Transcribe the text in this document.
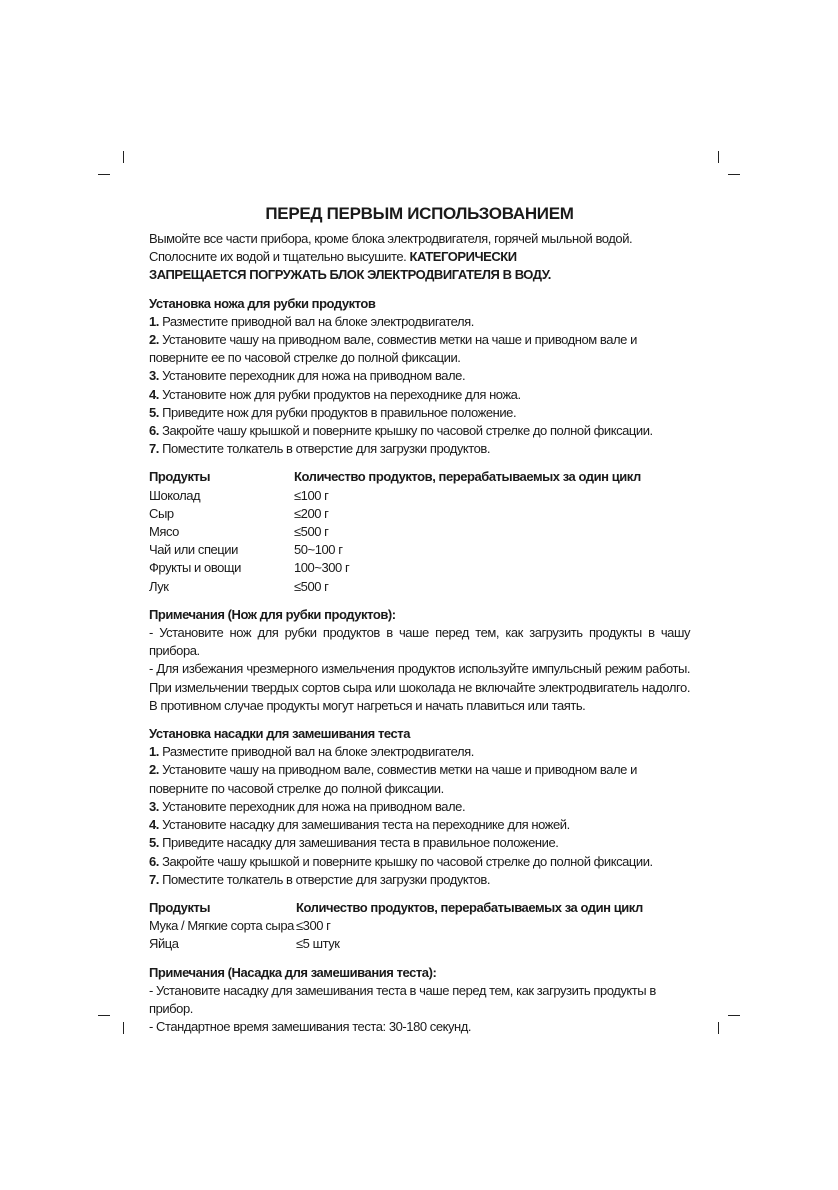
ПЕРЕД ПЕРВЫМ ИСПОЛЬЗОВАНИЕМ

Вымойте все части прибора, кроме блока электродвигателя, горячей мыльной водой. Сполосните их водой и тщательно высушите. КАТЕГОРИЧЕСКИ

ЗАПРЕЩАЕТСЯ ПОГРУЖАТЬ БЛОК ЭЛЕКТРОДВИГАТЕЛЯ В ВОДУ.

Установка ножа для рубки продуктов

1. Разместите приводной вал на блоке электродвигателя.

2. Установите чашу на приводном вале, совместив метки на чаше и приводном вале и поверните ее по часовой стрелке до полной фиксации.

3. Установите переходник для ножа на приводном вале.

4. Установите нож для рубки продуктов на переходнике для ножа.

5. Приведите нож для рубки продуктов в правильное положение.

6. Закройте чашу крышкой и поверните крышку по часовой стрелке до полной фиксации.

7. Поместите толкатель в отверстие для загрузки продуктов.

Продукты	Количество продуктов, перерабатываемых за один цикл
Шоколад	≤100 г
Сыр	≤200 г
Мясо	≤500 г
Чай или специи	50~100 г
Фрукты и овощи	100~300 г
Лук	≤500 г

Примечания (Нож для рубки продуктов):

- Установите нож для рубки продуктов в чаше перед тем, как загрузить продукты в чашу прибора.

- Для избежания чрезмерного измельчения продуктов используйте импульсный режим работы. При измельчении твердых сортов сыра или шоколада не включайте электродвигатель надолго. В противном случае продукты могут нагреться и начать плавиться или таять.

Установка насадки для замешивания теста

1. Разместите приводной вал на блоке электродвигателя.

2. Установите чашу на приводном вале, совместив метки на чаше и приводном вале и поверните по часовой стрелке до полной фиксации.

3. Установите переходник для ножа на приводном вале.

4. Установите насадку для замешивания теста на переходнике для ножей.

5. Приведите насадку для замешивания теста в правильное положение.

6. Закройте чашу крышкой и поверните крышку по часовой стрелке до полной фиксации.

7. Поместите толкатель в отверстие для загрузки продуктов.

Продукты	Количество продуктов, перерабатываемых за один цикл
Мука / Мягкие сорта сыра ≤300 г
Яйца	≤5 штук

Примечания (Насадка для замешивания теста):

- Установите насадку для замешивания теста в чаше перед тем, как загрузить продукты в прибор.

- Стандартное время замешивания теста: 30-180 секунд.
